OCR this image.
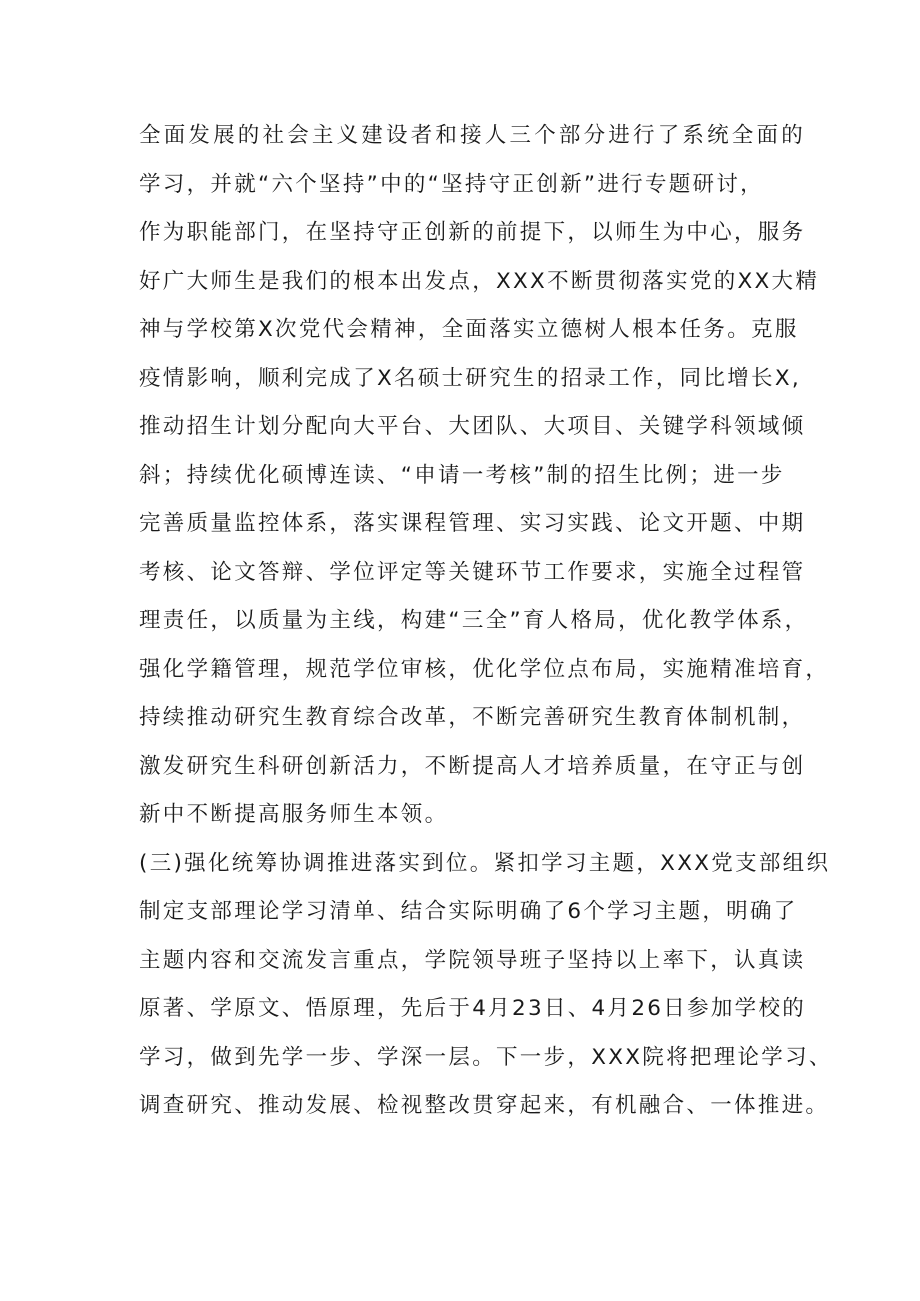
全面发展的社会主义建设者和接人三个部分进行了系统全面的
学习，并就“六个坚持”中的“坚持守正创新”进行专题研讨，
作为职能部门，在坚持守正创新的前提下，以师生为中心，服务
好广大师生是我们的根本出发点，XXX不断贯彻落实党的XX大精
神与学校第X次党代会精神，全面落实立德树人根本任务。克服
疫情影响，顺利完成了X名硕士研究生的招录工作，同比增长X,
推动招生计划分配向大平台、大团队、大项目、关键学科领域倾
斜；持续优化硕博连读、“申请一考核”制的招生比例；进一步
完善质量监控体系，落实课程管理、实习实践、论文开题、中期
考核、论文答辩、学位评定等关键环节工作要求，实施全过程管
理责任，以质量为主线，构建“三全”育人格局，优化教学体系，
强化学籍管理，规范学位审核，优化学位点布局，实施精准培育，
持续推动研究生教育综合改革，不断完善研究生教育体制机制，
激发研究生科研创新活力，不断提高人才培养质量，在守正与创
新中不断提高服务师生本领。
(三)强化统筹协调推进落实到位。紧扣学习主题，XXX党支部组织
制定支部理论学习清单、结合实际明确了6个学习主题，明确了
主题内容和交流发言重点，学院领导班子坚持以上率下，认真读
原著、学原文、悟原理，先后于4月23日、4月26日参加学校的
学习，做到先学一步、学深一层。下一步，XXX院将把理论学习、
调查研究、推动发展、检视整改贯穿起来，有机融合、一体推进。
